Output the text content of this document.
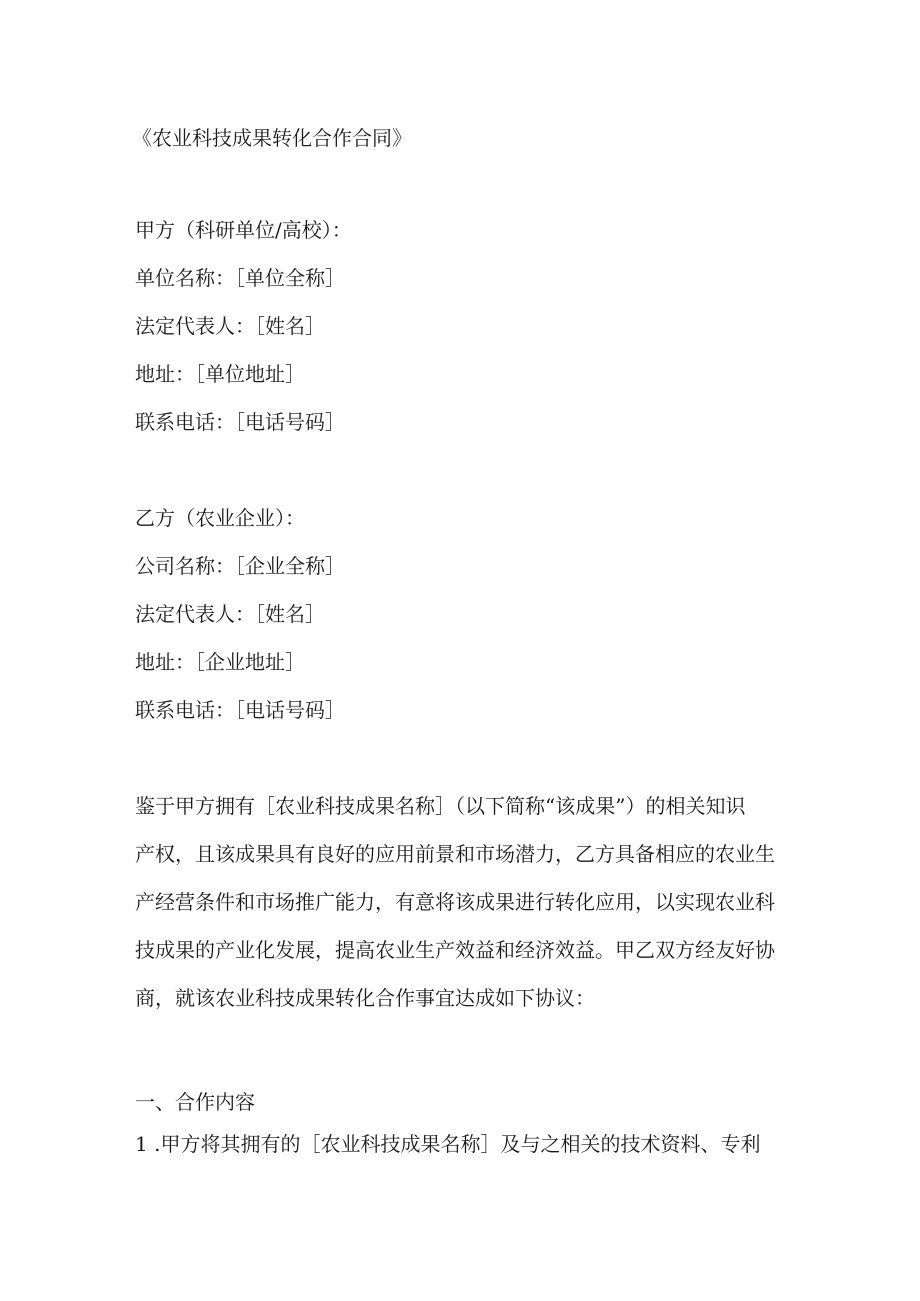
《农业科技成果转化合作合同》
甲方（科研单位/高校）：
单位名称：［单位全称］
法定代表人：［姓名］
地址：［单位地址］
联系电话：［电话号码］
乙方（农业企业）：
公司名称：［企业全称］
法定代表人：［姓名］
地址：［企业地址］
联系电话：［电话号码］
鉴于甲方拥有［农业科技成果名称］（以下简称“该成果”）的相关知识
产权，且该成果具有良好的应用前景和市场潜力，乙方具备相应的农业生
产经营条件和市场推广能力，有意将该成果进行转化应用，以实现农业科
技成果的产业化发展，提高农业生产效益和经济效益。甲乙双方经友好协
商，就该农业科技成果转化合作事宜达成如下协议：
一、合作内容
1 .甲方将其拥有的［农业科技成果名称］及与之相关的技术资料、专利
